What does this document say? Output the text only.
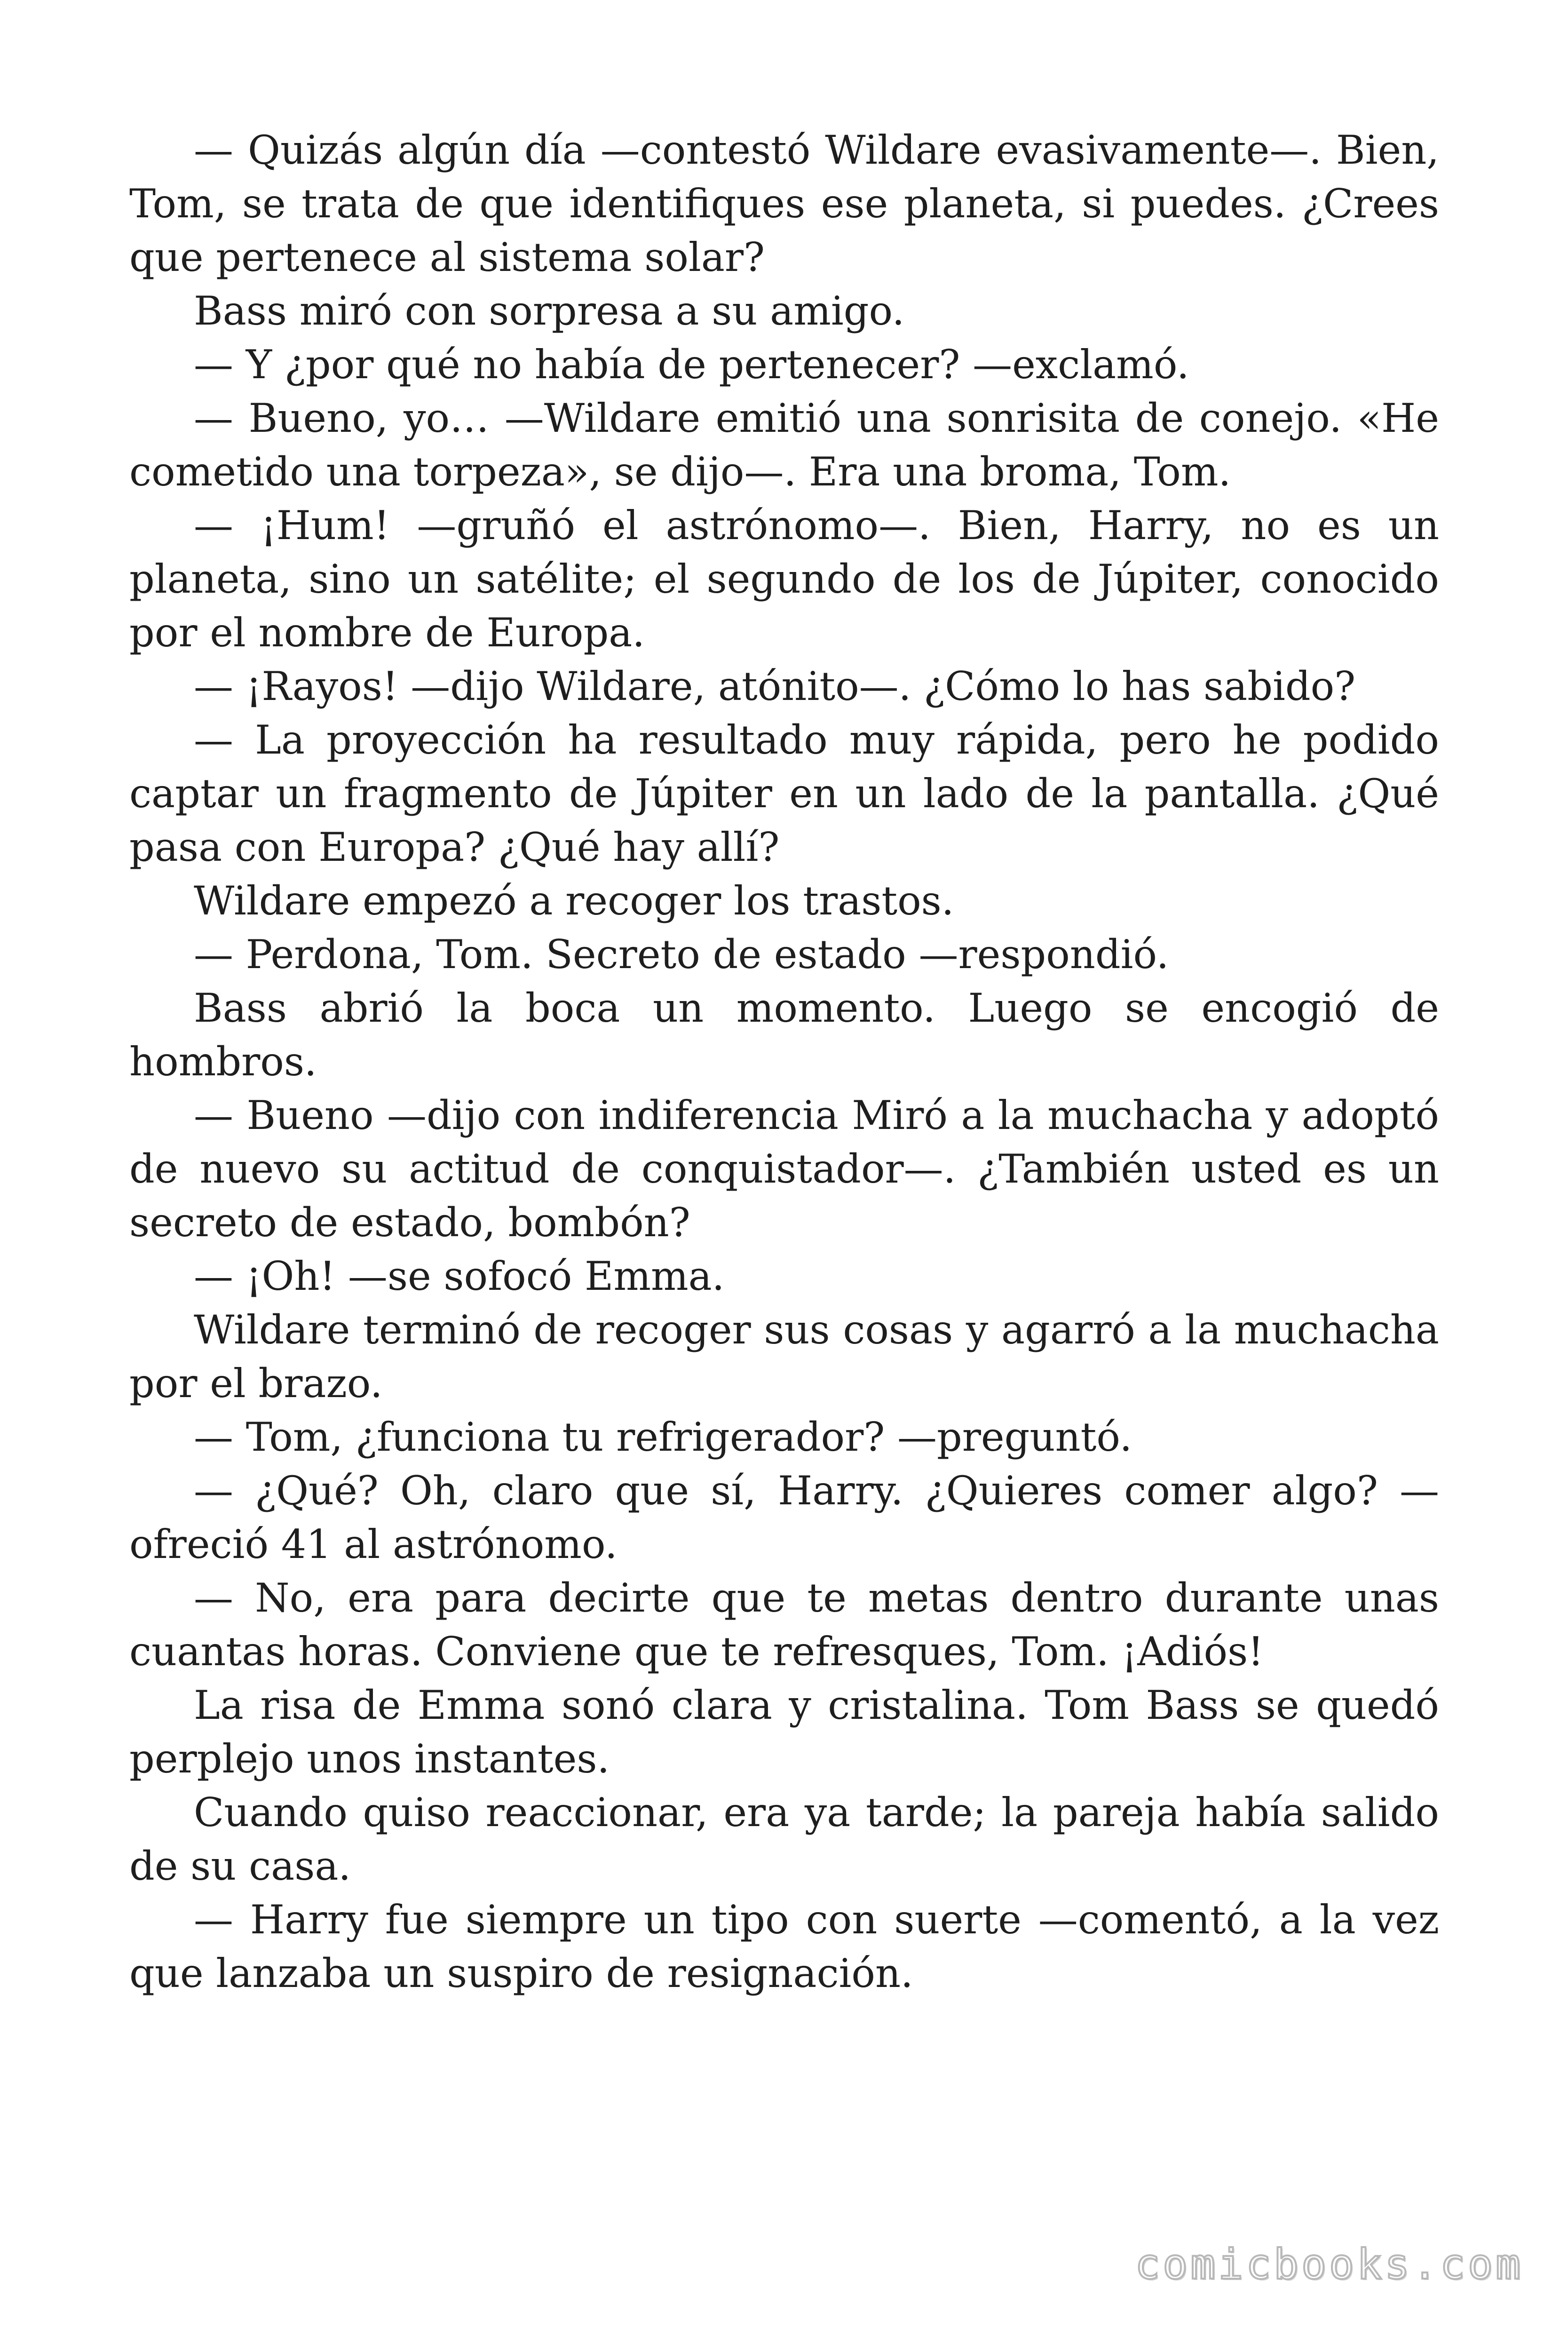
— Quizás algún día —contestó Wildare evasivamente—. Bien, Tom, se trata de que identifiques ese planeta, si puedes. ¿Crees que pertenece al sistema solar?

Bass miró con sorpresa a su amigo.

— Y ¿por qué no había de pertenecer? —exclamó.

— Bueno, yo… —Wildare emitió una sonrisita de conejo. «He cometido una torpeza», se dijo—. Era una broma, Tom.

— ¡Hum! —gruñó el astrónomo—. Bien, Harry, no es un planeta, sino un satélite; el segundo de los de Júpiter, conocido por el nombre de Europa.

— ¡Rayos! —dijo Wildare, atónito—. ¿Cómo lo has sabido?

— La proyección ha resultado muy rápida, pero he podido captar un fragmento de Júpiter en un lado de la pantalla. ¿Qué pasa con Europa? ¿Qué hay allí?

Wildare empezó a recoger los trastos.

— Perdona, Tom. Secreto de estado —respondió.

Bass abrió la boca un momento. Luego se encogió de hombros.

— Bueno —dijo con indiferencia Miró a la muchacha y adoptó de nuevo su actitud de conquistador—. ¿También usted es un secreto de estado, bombón?

— ¡Oh! —se sofocó Emma.

Wildare terminó de recoger sus cosas y agarró a la muchacha por el brazo.

— Tom, ¿funciona tu refrigerador? —preguntó.

— ¿Qué? Oh, claro que sí, Harry. ¿Quieres comer algo? —ofreció 41 al astrónomo.

— No, era para decirte que te metas dentro durante unas cuantas horas. Conviene que te refresques, Tom. ¡Adiós!

La risa de Emma sonó clara y cristalina. Tom Bass se quedó perplejo unos instantes.

Cuando quiso reaccionar, era ya tarde; la pareja había salido de su casa.

— Harry fue siempre un tipo con suerte —comentó, a la vez que lanzaba un suspiro de resignación.

comicbooks.com
